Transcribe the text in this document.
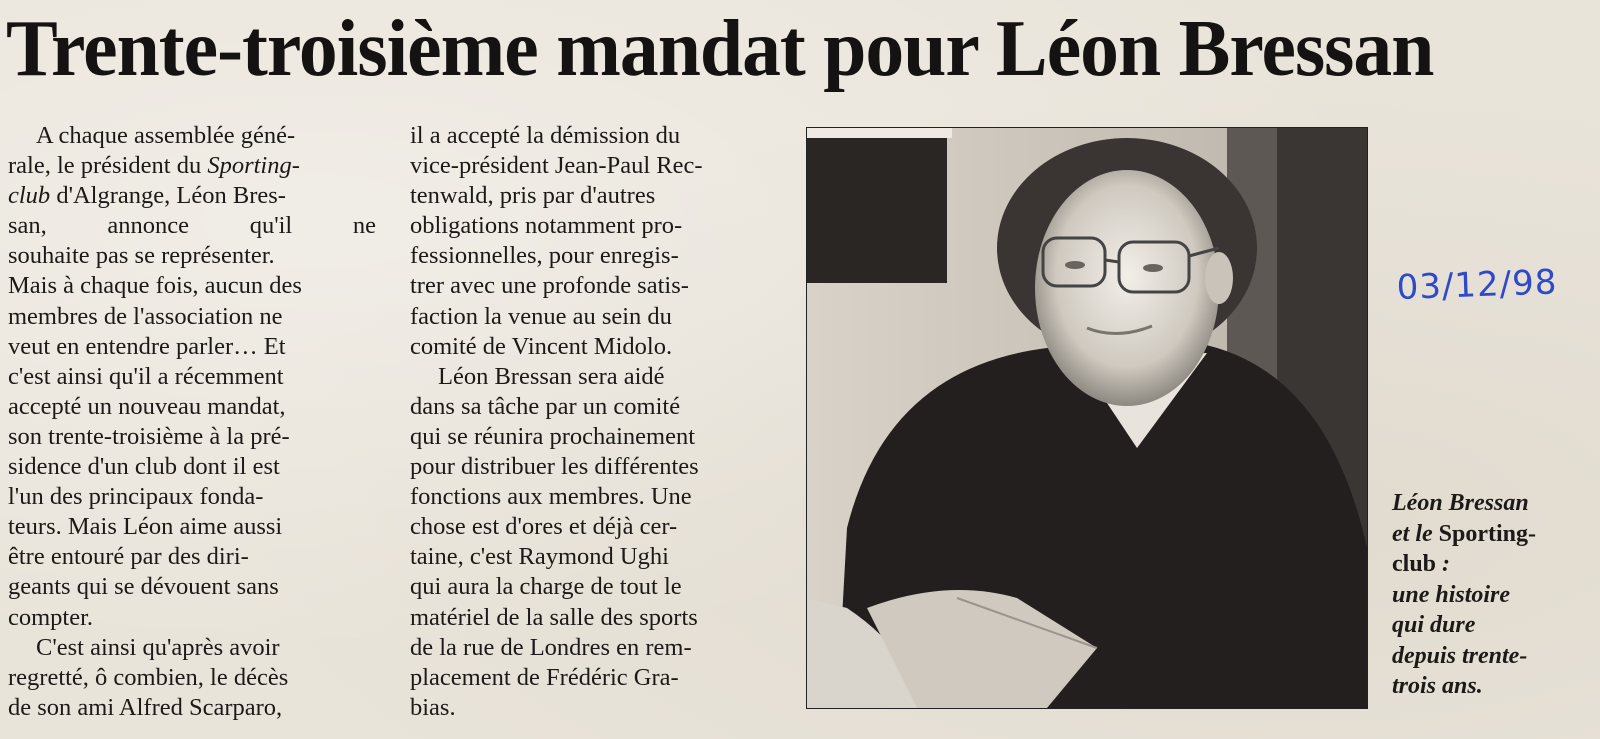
Trente-troisième mandat pour Léon Bressan

A chaque assemblée géné-

rale, le président du Sporting-

club d'Algrange, Léon Bres-

san, annonce qu'il ne

souhaite pas se représenter.

Mais à chaque fois, aucun des

membres de l'association ne

veut en entendre parler… Et

c'est ainsi qu'il a récemment

accepté un nouveau mandat,

son trente-troisième à la pré-

sidence d'un club dont il est

l'un des principaux fonda-

teurs. Mais Léon aime aussi

être entouré par des diri-

geants qui se dévouent sans

compter.

C'est ainsi qu'après avoir

regretté, ô combien, le décès

de son ami Alfred Scarparo,

il a accepté la démission du

vice-président Jean-Paul Rec-

tenwald, pris par d'autres

obligations notamment pro-

fessionnelles, pour enregis-

trer avec une profonde satis-

faction la venue au sein du

comité de Vincent Midolo.

Léon Bressan sera aidé

dans sa tâche par un comité

qui se réunira prochainement

pour distribuer les différentes

fonctions aux membres. Une

chose est d'ores et déjà cer-

taine, c'est Raymond Ughi

qui aura la charge de tout le

matériel de la salle des sports

de la rue de Londres en rem-

placement de Frédéric Gra-

bias.

03/12/98
Léon Bressan
et le Sporting-
club :
une histoire
qui dure
depuis trente-
trois ans.
